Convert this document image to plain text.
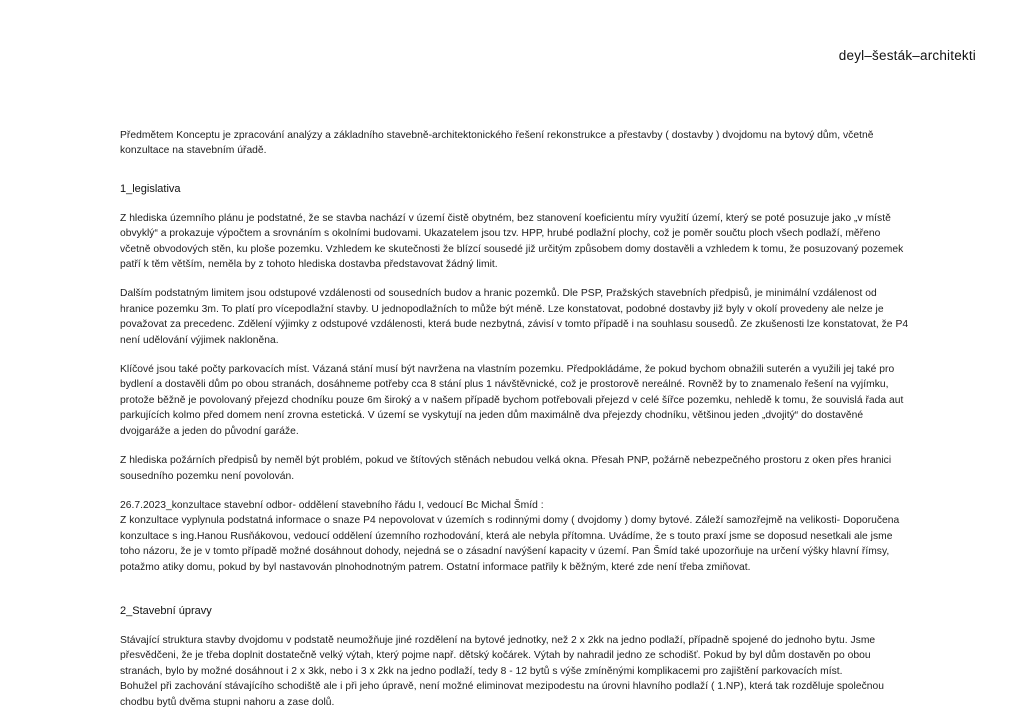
deyl–šesták–architekti

Předmětem Konceptu je zpracování analýzy a základního stavebně-architektonického řešení rekonstrukce a přestavby ( dostavby ) dvojdomu na bytový dům, včetně konzultace na stavebním úřadě.

1_legislativa

Z hlediska územního plánu je podstatné, že se stavba nachází v území čistě obytném, bez stanovení koeficientu míry využití území, který se poté posuzuje jako „v místě obvyklý“ a prokazuje výpočtem a srovnáním s okolními budovami. Ukazatelem jsou tzv. HPP, hrubé podlažní plochy, což je poměr součtu ploch všech podlaží, měřeno včetně obvodových stěn, ku ploše pozemku. Vzhledem ke skutečnosti že blízcí sousedé již určitým způsobem domy dostavěli a vzhledem k tomu, že posuzovaný pozemek patří k těm větším, neměla by z tohoto hlediska dostavba představovat žádný limit.

Dalším podstatným limitem jsou odstupové vzdálenosti od sousedních budov a hranic pozemků. Dle PSP, Pražských stavebních předpisů, je minimální vzdálenost od hranice pozemku 3m. To platí pro vícepodlažní stavby. U jednopodlažních to může být méně. Lze konstatovat, podobné dostavby již byly v okolí provedeny ale nelze je považovat za precedenc. Zdělení výjimky z odstupové vzdálenosti, která bude nezbytná, závisí v tomto případě i na souhlasu sousedů. Ze zkušenosti lze konstatovat, že P4 není udělování výjimek nakloněna.

Klíčové jsou také počty parkovacích míst. Vázaná stání musí být navržena na vlastním pozemku. Předpokládáme, že pokud bychom obnažili suterén a využili jej také pro bydlení a dostavěli dům po obou stranách, dosáhneme potřeby cca 8 stání plus 1 návštěvnické, což je prostorově nereálné. Rovněž by to znamenalo řešení na vyjímku, protože běžně je povolovaný přejezd chodníku pouze 6m široký a v našem případě bychom potřebovali přejezd v celé šířce pozemku, nehledě k tomu, že souvislá řada aut parkujících kolmo před domem není zrovna estetická. V území se vyskytují na jeden dům maximálně dva přejezdy chodníku, většinou jeden „dvojitý“ do dostavěné dvojgaráže a jeden do původní garáže.

Z hlediska požárních předpisů by neměl být problém, pokud ve štítových stěnách nebudou velká okna. Přesah PNP, požárně nebezpečného prostoru z oken přes hranici sousedního pozemku není povolován.

26.7.2023_konzultace stavební odbor- oddělení stavebního řádu I, vedoucí Bc Michal Šmíd :

Z konzultace vyplynula podstatná informace o snaze P4 nepovolovat v územích s rodinnými domy ( dvojdomy ) domy bytové. Záleží samozřejmě na velikosti- Doporučena konzultace s ing.Hanou Rusňákovou, vedoucí oddělení územního rozhodování, která ale nebyla přítomna. Uvádíme, že s touto praxí jsme se doposud nesetkali ale jsme toho názoru, že je v tomto případě možné dosáhnout dohody, nejedná se o zásadní navýšení kapacity v území. Pan Šmíd také upozorňuje na určení výšky hlavní římsy, potažmo atiky domu, pokud by byl nastavován plnohodnotným patrem. Ostatní informace patřily k běžným, které zde není třeba zmiňovat.

2_Stavební úpravy

Stávající struktura stavby dvojdomu v podstatě neumožňuje jiné rozdělení na bytové jednotky, než 2 x 2kk na jedno podlaží, případně spojené do jednoho bytu. Jsme přesvědčeni, že je třeba doplnit dostatečně velký výtah, který pojme např. dětský kočárek. Výtah by nahradil jedno ze schodišť. Pokud by byl dům dostavěn po obou stranách, bylo by možné dosáhnout i 2 x 3kk, nebo i 3 x 2kk na jedno podlaží, tedy 8 - 12 bytů s výše zmíněnými komplikacemi pro zajištění parkovacích míst.

Bohužel při zachování stávajícího schodiště ale i při jeho úpravě, není možné eliminovat mezipodestu na úrovni hlavního podlaží ( 1.NP), která tak rozděluje společnou chodbu bytů dvěma stupni nahoru a zase dolů.
